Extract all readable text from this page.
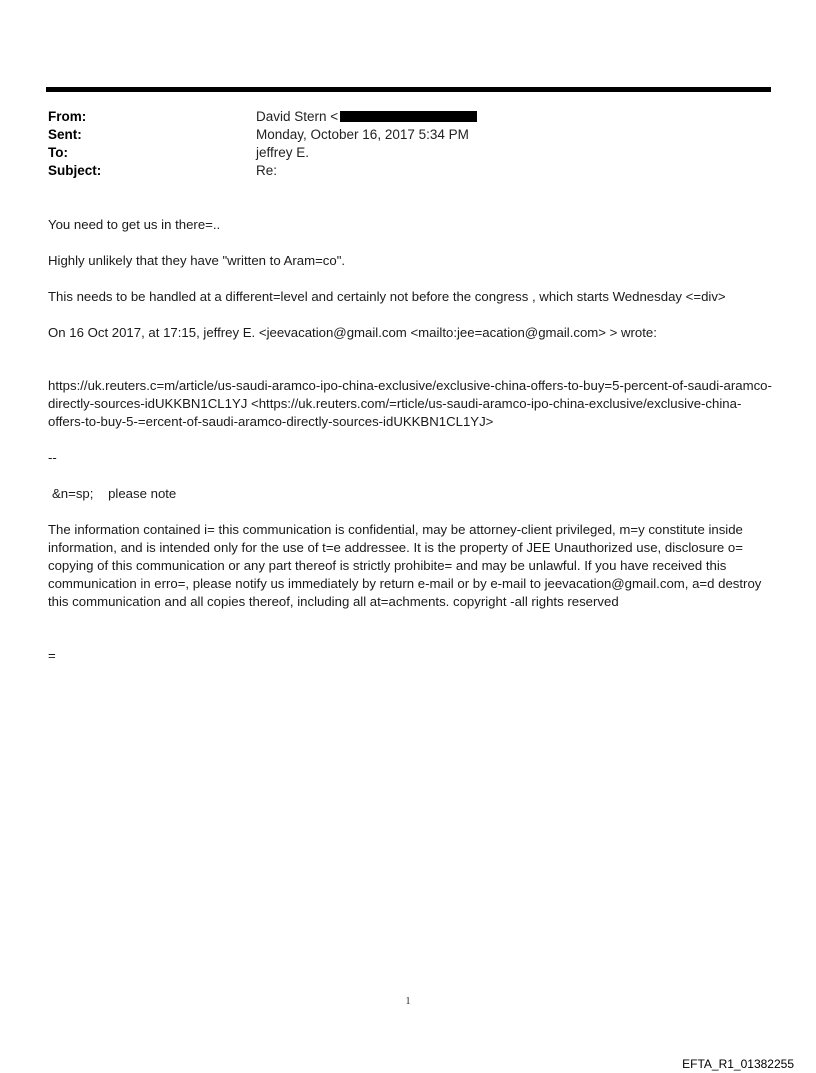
From:	David Stern <
Sent:	Monday, October 16, 2017 5:34 PM
To:	jeffrey E.
Subject:	Re:

You need to get us in there=..

Highly unlikely that they have "written to Aram=co".

This needs to be handled at a different=level and certainly not before the congress , which starts Wednesday <=div>

On 16 Oct 2017, at 17:15, jeffrey E. <jeevacation@gmail.com <mailto:jee=acation@gmail.com> > wrote:

https://uk.reuters.c=m/article/us-saudi-aramco-ipo-china-exclusive/exclusive-china-offers-to-buy=5-percent-of-saudi-aramco-directly-sources-idUKKBN1CL1YJ <https://uk.reuters.com/=rticle/us-saudi-aramco-ipo-china-exclusive/exclusive-china-offers-to-buy-5-=ercent-of-saudi-aramco-directly-sources-idUKKBN1CL1YJ>

--

&n=sp;    please note

The information contained i= this communication is confidential, may be attorney-client privileged, m=y constitute inside information, and is intended only for the use of t=e addressee. It is the property of JEE Unauthorized use, disclosure o= copying of this communication or any part thereof is strictly prohibite= and may be unlawful. If you have received this communication in erro=, please notify us immediately by return e-mail or by e-mail to jeevacation@gmail.com, a=d destroy this communication and all copies thereof, including all at=achments. copyright -all rights reserved

=

1
EFTA_R1_01382255
